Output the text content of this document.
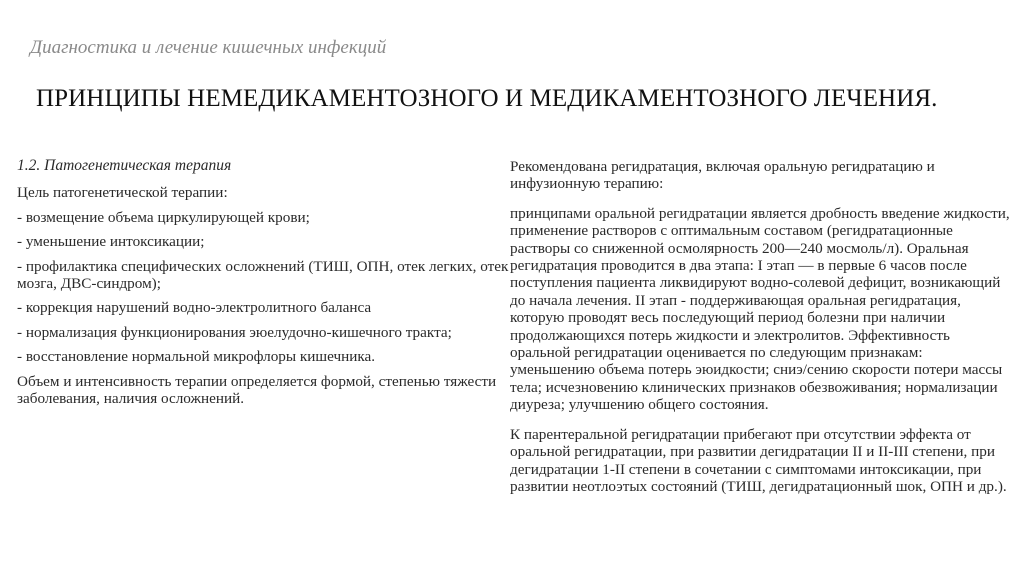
Диагностика и лечение кишечных инфекций
ПРИНЦИПЫ НЕМЕДИКАМЕНТОЗНОГО И МЕДИКАМЕНТОЗНОГО ЛЕЧЕНИЯ.

1.2. Патогенетическая терапия

Цель патогенетической терапии:

- возмещение объема циркулирующей крови;

- уменьшение интоксикации;

- профилактика специфических осложнений (ТИШ, ОПН, отек легких, отек мозга, ДВС-синдром);

- коррекция нарушений водно-электролитного баланса

- нормализация функционирования эюелудочно-кишечного тракта;

- восстановление нормальной микрофлоры кишечника.

Объем и интенсивность терапии определяется формой, степенью тяжести заболевания, наличия осложнений.

Рекомендована регидратация, включая оральную регидратацию и инфузионную терапию:

принципами оральной регидратации является дробность введение жидкости, применение растворов с оптимальным составом (регидратационные растворы со сниженной осмолярность 200—240 мосмоль/л). Оральная регидратация проводится в два этапа: I этап — в первые 6 часов после поступления пациента ликвидируют водно-солевой дефицит, возникающий до начала лечения. II этап - поддерживающая оральная регидратация, которую проводят весь последующий период болезни при наличии продолжающихся потерь жидкости и электролитов. Эффективность оральной регидратации оценивается по следующим признакам: уменьшению объема потерь эюидкости; сниэ/сению скорости потери массы тела; исчезновению клинических признаков обезвоживания; нормализации диуреза; улучшению общего состояния.

К парентеральной регидратации прибегают при отсутствии эффекта от оральной регидратации, при развитии дегидратации II и II-III степени, при дегидратации 1-II степени в сочетании с симптомами интоксикации, при развитии неотлоэтых состояний (ТИШ, дегидратационный шок, ОПН и др.).
